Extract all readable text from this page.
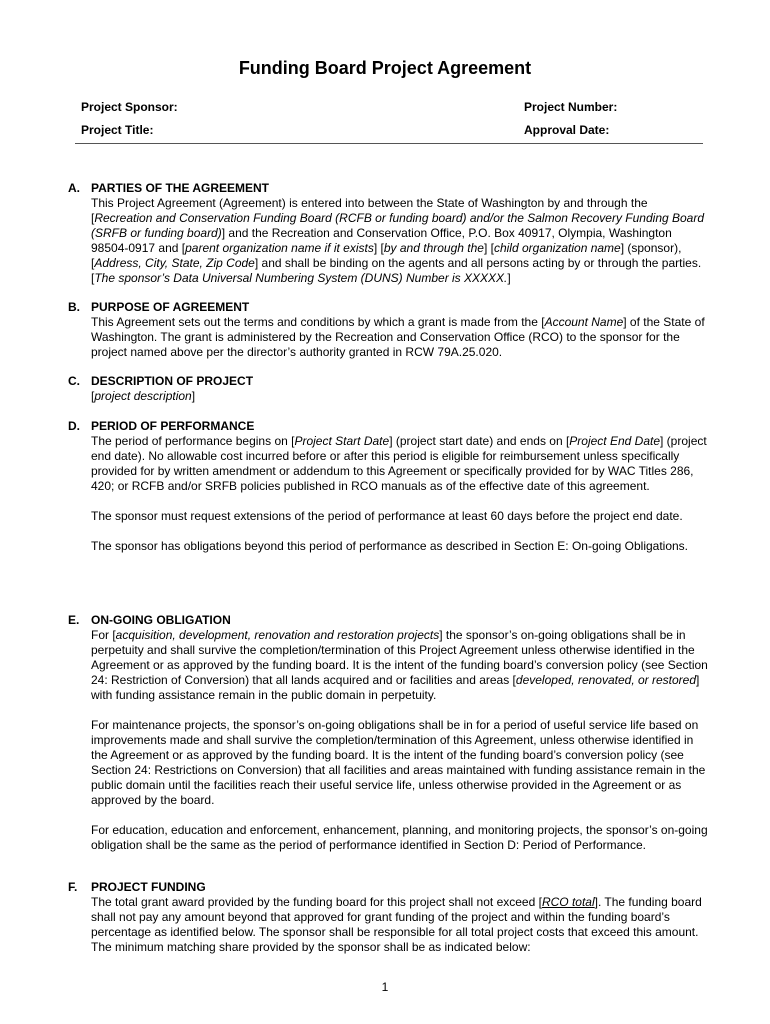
Funding Board Project Agreement
Project Sponsor:	Project Number:
Project Title:	Approval Date:
A. PARTIES OF THE AGREEMENT
This Project Agreement (Agreement) is entered into between the State of Washington by and through the [Recreation and Conservation Funding Board (RCFB or funding board) and/or the Salmon Recovery Funding Board (SRFB or funding board)] and the Recreation and Conservation Office, P.O. Box 40917, Olympia, Washington 98504-0917 and [parent organization name if it exists] [by and through the] [child organization name] (sponsor), [Address, City, State, Zip Code] and shall be binding on the agents and all persons acting by or through the parties. [The sponsor’s Data Universal Numbering System (DUNS) Number is XXXXX.]
B. PURPOSE OF AGREEMENT
This Agreement sets out the terms and conditions by which a grant is made from the [Account Name] of the State of Washington. The grant is administered by the Recreation and Conservation Office (RCO) to the sponsor for the project named above per the director’s authority granted in RCW 79A.25.020.
C. DESCRIPTION OF PROJECT
[project description]
D. PERIOD OF PERFORMANCE
The period of performance begins on [Project Start Date] (project start date) and ends on [Project End Date] (project end date). No allowable cost incurred before or after this period is eligible for reimbursement unless specifically provided for by written amendment or addendum to this Agreement or specifically provided for by WAC Titles 286, 420; or RCFB and/or SRFB policies published in RCO manuals as of the effective date of this agreement.
The sponsor must request extensions of the period of performance at least 60 days before the project end date.
The sponsor has obligations beyond this period of performance as described in Section E: On-going Obligations.
E. ON-GOING OBLIGATION
For [acquisition, development, renovation and restoration projects] the sponsor’s on-going obligations shall be in perpetuity and shall survive the completion/termination of this Project Agreement unless otherwise identified in the Agreement or as approved by the funding board. It is the intent of the funding board’s conversion policy (see Section 24: Restriction of Conversion) that all lands acquired and or facilities and areas [developed, renovated, or restored] with funding assistance remain in the public domain in perpetuity.
For maintenance projects, the sponsor’s on-going obligations shall be in for a period of useful service life based on improvements made and shall survive the completion/termination of this Agreement, unless otherwise identified in the Agreement or as approved by the funding board. It is the intent of the funding board’s conversion policy (see Section 24: Restrictions on Conversion) that all facilities and areas maintained with funding assistance remain in the public domain until the facilities reach their useful service life, unless otherwise provided in the Agreement or as approved by the board.
For education, education and enforcement, enhancement, planning, and monitoring projects, the sponsor’s on-going obligation shall be the same as the period of performance identified in Section D: Period of Performance.
F. PROJECT FUNDING
The total grant award provided by the funding board for this project shall not exceed [RCO total]. The funding board shall not pay any amount beyond that approved for grant funding of the project and within the funding board’s percentage as identified below. The sponsor shall be responsible for all total project costs that exceed this amount. The minimum matching share provided by the sponsor shall be as indicated below:
1
